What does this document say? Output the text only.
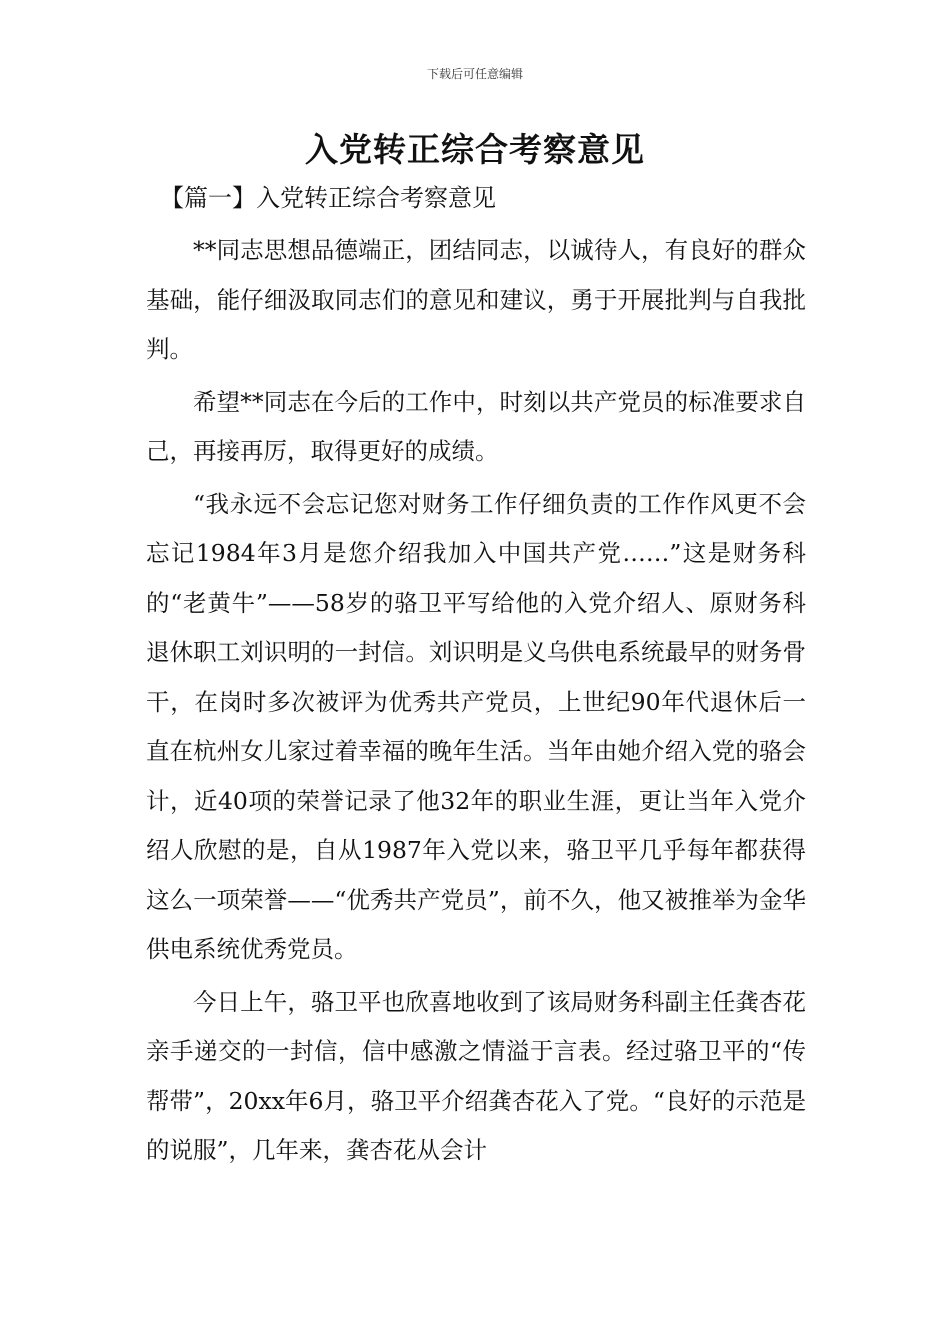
下载后可任意编辑
入党转正综合考察意见
【篇一】入党转正综合考察意见

**同志思想品德端正，团结同志，以诚待人，有良好的群众基础，能仔细汲取同志们的意见和建议，勇于开展批判与自我批判。

希望**同志在今后的工作中，时刻以共产党员的标准要求自己，再接再厉，取得更好的成绩。

“我永远不会忘记您对财务工作仔细负责的工作作风更不会忘记1984年3月是您介绍我加入中国共产党……”这是财务科的“老黄牛”——58岁的骆卫平写给他的入党介绍人、原财务科退休职工刘识明的一封信。刘识明是义乌供电系统最早的财务骨干，在岗时多次被评为优秀共产党员，上世纪90年代退休后一直在杭州女儿家过着幸福的晚年生活。当年由她介绍入党的骆会计，近40项的荣誉记录了他32年的职业生涯，更让当年入党介绍人欣慰的是，自从1987年入党以来，骆卫平几乎每年都获得这么一项荣誉——“优秀共产党员”，前不久，他又被推举为金华供电系统优秀党员。

今日上午，骆卫平也欣喜地收到了该局财务科副主任龚杏花亲手递交的一封信，信中感激之情溢于言表。经过骆卫平的“传帮带”，20xx年6月，骆卫平介绍龚杏花入了党。“良好的示范是的说服”，几年来，龚杏花从会计
